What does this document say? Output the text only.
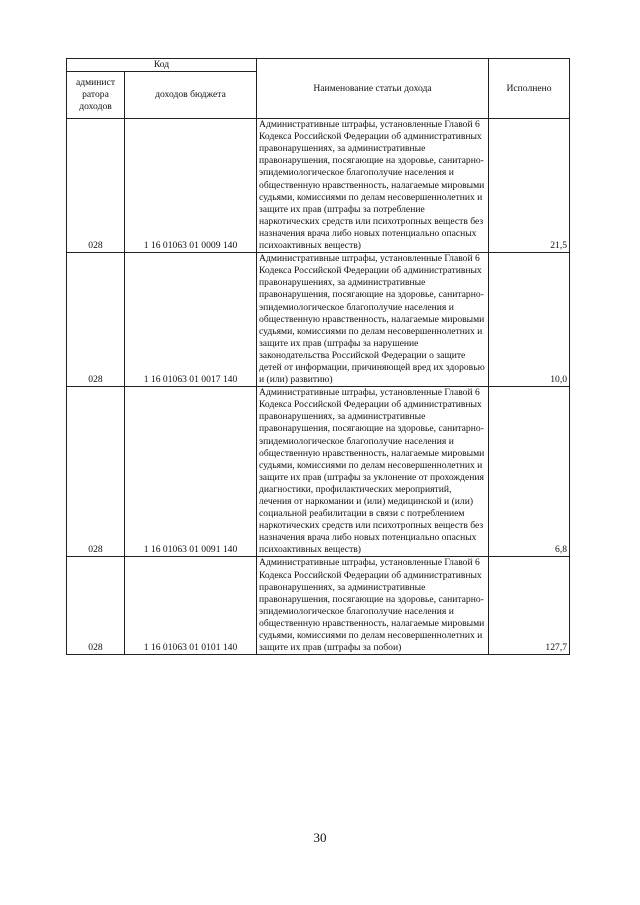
Код		Наименование статьи дохода	Исполнено
админист ратора доходов	доходов бюджета		
028	1 16 01063 01 0009 140	Административные штрафы, установленные Главой 6 Кодекса Российской Федерации об административных правонарушениях, за административные правонарушения, посягающие на здоровье, санитарно-эпидемиологическое благополучие населения и общественную нравственность, налагаемые мировыми судьями, комиссиями по делам несовершеннолетних и защите их прав (штрафы за потребление наркотических средств или психотропных веществ без назначения врача либо новых потенциально опасных психоактивных веществ)	21,5
028	1 16 01063 01 0017 140	Административные штрафы, установленные Главой 6 Кодекса Российской Федерации об административных правонарушениях, за административные правонарушения, посягающие на здоровье, санитарно-эпидемиологическое благополучие населения и общественную нравственность, налагаемые мировыми судьями, комиссиями по делам несовершеннолетних и защите их прав (штрафы за нарушение законодательства Российской Федерации о защите детей от информации, причиняющей вред их здоровью и (или) развитию)	10,0
028	1 16 01063 01 0091 140	Административные штрафы, установленные Главой 6 Кодекса Российской Федерации об административных правонарушениях, за административные правонарушения, посягающие на здоровье, санитарно-эпидемиологическое благополучие населения и общественную нравственность, налагаемые мировыми судьями, комиссиями по делам несовершеннолетних и защите их прав (штрафы за уклонение от прохождения диагностики, профилактических мероприятий, лечения от наркомании и (или) медицинской и (или) социальной реабилитации в связи с потреблением наркотических средств или психотропных веществ без назначения врача либо новых потенциально опасных психоактивных веществ)	6,8
028	1 16 01063 01 0101 140	Административные штрафы, установленные Главой 6 Кодекса Российской Федерации об административных правонарушениях, за административные правонарушения, посягающие на здоровье, санитарно-эпидемиологическое благополучие населения и общественную нравственность, налагаемые мировыми судьями, комиссиями по делам несовершеннолетних и защите их прав (штрафы за побои)	127,7
30
